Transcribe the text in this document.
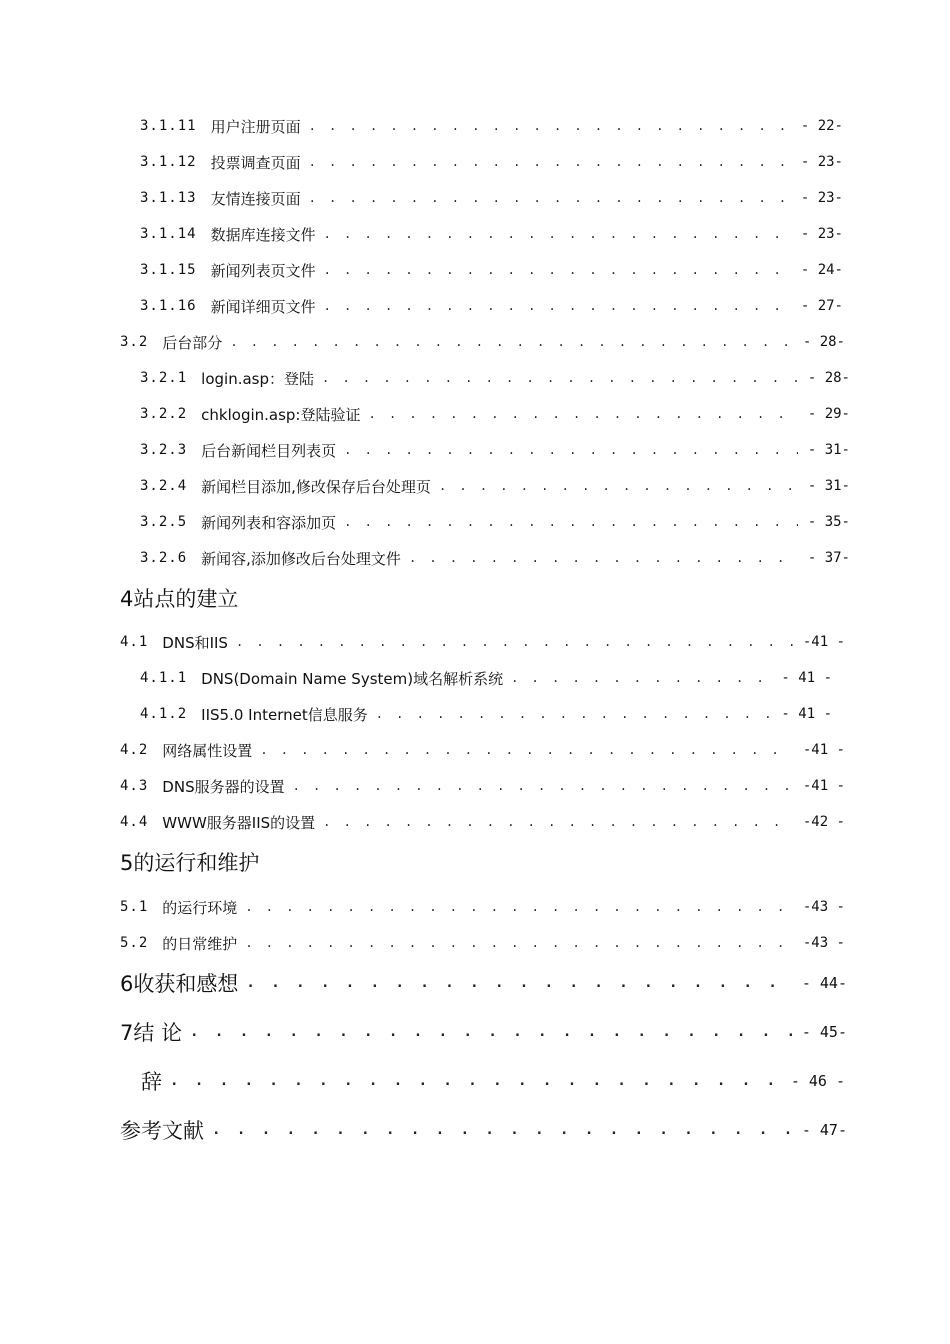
3.1.11 用户注册页面 . . .	- 22-
3.1.12 投票调查页面 . . .	- 23-
3.1.13 友情连接页面 . . .	- 23-
3.1.14 数据库连接文件 . . .	- 23-
3.1.15 新闻列表页文件 . . .	- 24-
3.1.16 新闻详细页文件 . . .	- 27-
3.2 后台部分 . . .	- 28-
3.2.1 login.asp：登陆 . . .	- 28-
3.2.2 chklogin.asp:登陆验证 . . .	- 29-
3.2.3 后台新闻栏目列表页 . . .	- 31-
3.2.4 新闻栏目添加,修改保存后台处理页 . . .	- 31-
3.2.5 新闻列表和容添加页 . . .	- 35-
3.2.6 新闻容,添加修改后台处理文件 . . .	- 37-
4站点的建立
4.1 DNS和IIS . . .	-41 -
4.1.1 DNS(Domain Name System)域名解析系统 . . .	- 41 -
4.1.2 IIS5.0 Internet信息服务 . . .	- 41 -
4.2 网络属性设置 . . .	-41 -
4.3 DNS服务器的设置 . . .	-41 -
4.4 WWW服务器IIS的设置 . . .	-42 -
5的运行和维护
5.1 的运行环境 . . .	-43 -
5.2 的日常维护 . . .	-43 -
6收获和感想 . . .	- 44-
7结 论 . . .	- 45-
辞 . . .	- 46 -
参考文献 . . .	- 47-
